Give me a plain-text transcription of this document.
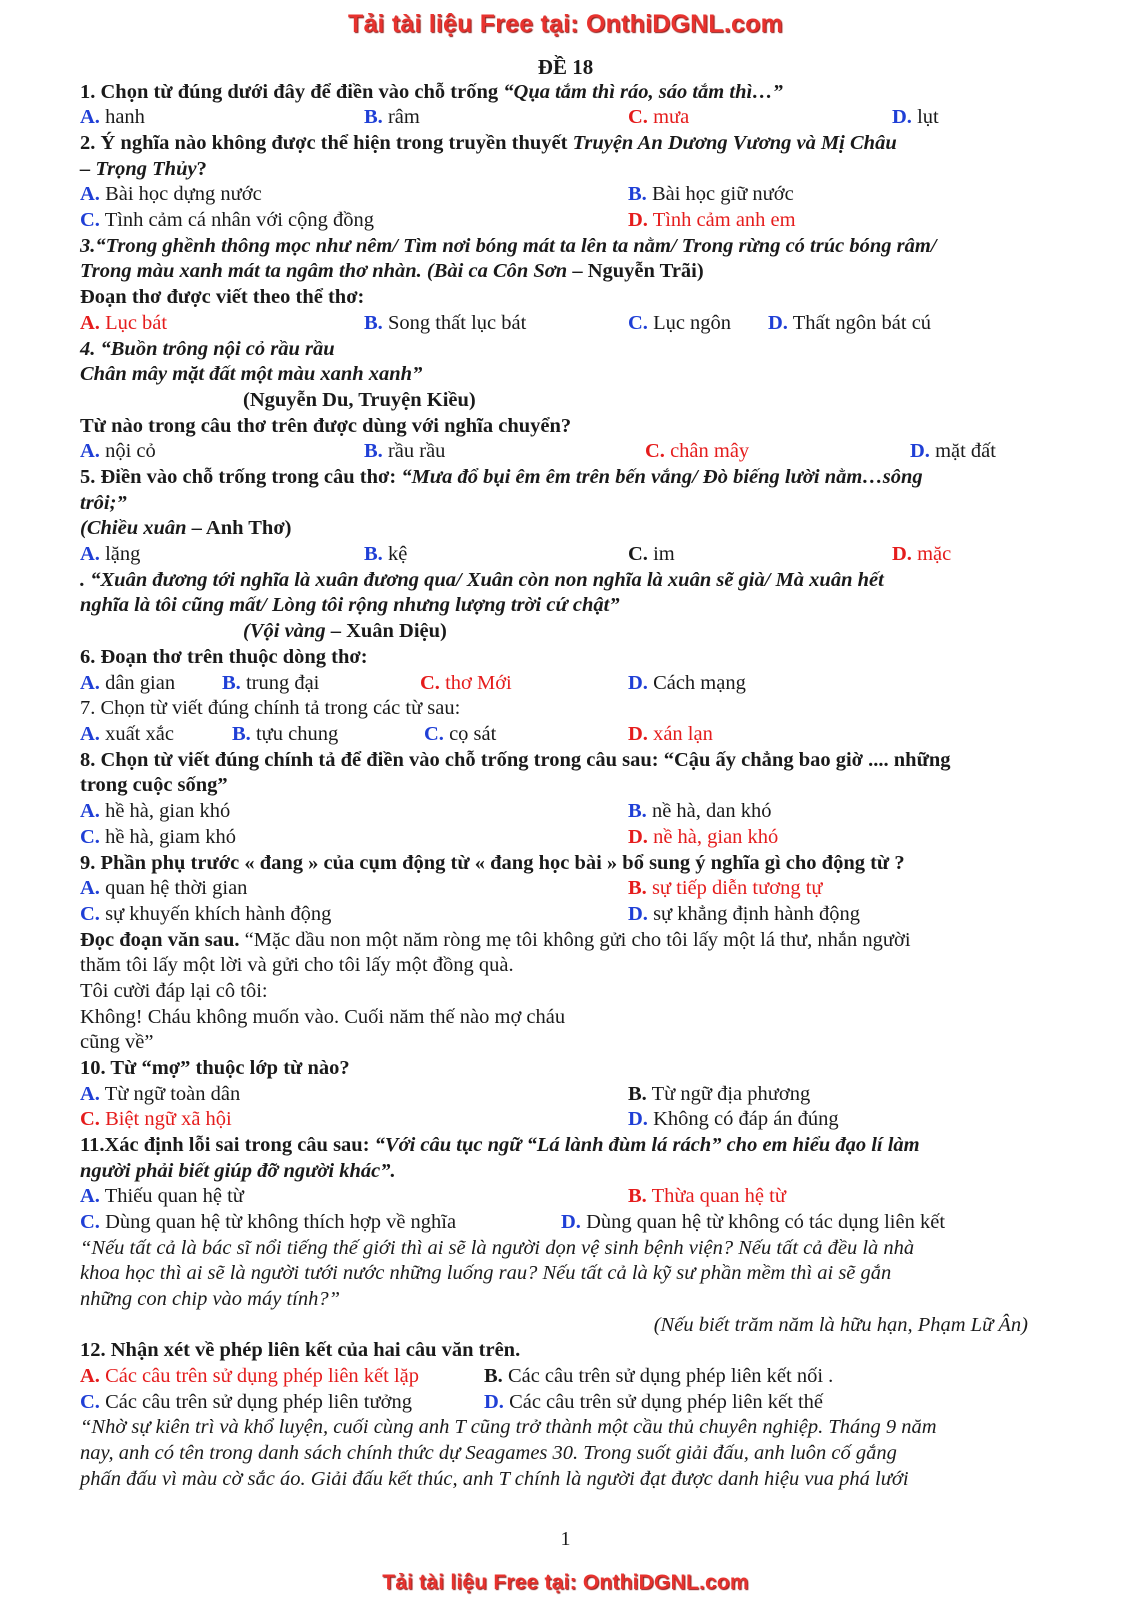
Tải tài liệu Free tại: OnthiDGNL.com
ĐỀ 18
1. Chọn từ đúng dưới đây để điền vào chỗ trống “Qụa tắm thì ráo, sáo tắm thì…”
A. hanh	B. râm	C. mưa	D. lụt
2. Ý nghĩa nào không được thể hiện trong truyền thuyết Truyện An Dương Vương và Mị Châu
– Trọng Thủy?
A. Bài học dựng nước	B. Bài học giữ nước
C. Tình cảm cá nhân với cộng đồng	D. Tình cảm anh em
3.“Trong ghềnh thông mọc như nêm/ Tìm nơi bóng mát ta lên ta nằm/ Trong rừng có trúc bóng râm/
Trong màu xanh mát ta ngâm thơ nhàn. (Bài ca Côn Sơn – Nguyễn Trãi)
Đoạn thơ được viết theo thể thơ:
A. Lục bát	B. Song thất lục bát	C. Lục ngôn D. Thất ngôn bát cú
4. “Buồn trông nội cỏ rầu rầu
Chân mây mặt đất một màu xanh xanh”
(Nguyễn Du, Truyện Kiều)
Từ nào trong câu thơ trên được dùng với nghĩa chuyển?
A. nội cỏ	B. rầu rầu	C. chân mây	D. mặt đất
5. Điền vào chỗ trống trong câu thơ: “Mưa đổ bụi êm êm trên bến vắng/ Đò biếng lười nằm…sông
trôi;”
(Chiều xuân – Anh Thơ)
A. lặng	B. kệ	C. im	D. mặc
. “Xuân đương tới nghĩa là xuân đương qua/ Xuân còn non nghĩa là xuân sẽ già/ Mà xuân hết
nghĩa là tôi cũng mất/ Lòng tôi rộng nhưng lượng trời cứ chật”
(Vội vàng – Xuân Diệu)
6. Đoạn thơ trên thuộc dòng thơ:
A. dân gian B. trung đại	C. thơ Mới	D. Cách mạng
7. Chọn từ viết đúng chính tả trong các từ sau:
A. xuất xắc	B. tựu chung	C. cọ sát	D. xán lạn
8. Chọn từ viết đúng chính tả để điền vào chỗ trống trong câu sau: “Cậu ấy chẳng bao giờ .... những
trong cuộc sống”
A. hề hà, gian khó	B. nề hà, dan khó
C. hề hà, giam khó	D. nề hà, gian khó
9. Phần phụ trước « đang » của cụm động từ « đang học bài » bổ sung ý nghĩa gì cho động từ ?
A. quan hệ thời gian	B. sự tiếp diễn tương tự
C. sự khuyến khích hành động	D. sự khẳng định hành động
Đọc đoạn văn sau. “Mặc dầu non một năm ròng mẹ tôi không gửi cho tôi lấy một lá thư, nhắn người
thăm tôi lấy một lời và gửi cho tôi lấy một đồng quà.
Tôi cười đáp lại cô tôi:
Không! Cháu không muốn vào. Cuối năm thế nào mợ cháu
cũng về”
10. Từ “mợ” thuộc lớp từ nào?
A. Từ ngữ toàn dân	B. Từ ngữ địa phương
C. Biệt ngữ xã hội	D. Không có đáp án đúng
11.Xác định lỗi sai trong câu sau: “Với câu tục ngữ “Lá lành đùm lá rách” cho em hiểu đạo lí làm
người phải biết giúp đỡ người khác”.
A. Thiếu quan hệ từ	B. Thừa quan hệ từ
C. Dùng quan hệ từ không thích hợp về nghĩa	D. Dùng quan hệ từ không có tác dụng liên kết
“Nếu tất cả là bác sĩ nổi tiếng thế giới thì ai sẽ là người dọn vệ sinh bệnh viện? Nếu tất cả đều là nhà
khoa học thì ai sẽ là người tưới nước những luống rau? Nếu tất cả là kỹ sư phần mềm thì ai sẽ gắn
những con chip vào máy tính?”
(Nếu biết trăm năm là hữu hạn, Phạm Lữ Ân)
12. Nhận xét về phép liên kết của hai câu văn trên.
A. Các câu trên sử dụng phép liên kết lặp	B. Các câu trên sử dụng phép liên kết nối .
C. Các câu trên sử dụng phép liên tưởng	D. Các câu trên sử dụng phép liên kết thế
“Nhờ sự kiên trì và khổ luyện, cuối cùng anh T cũng trở thành một cầu thủ chuyên nghiệp. Tháng 9 năm
nay, anh có tên trong danh sách chính thức dự Seagames 30. Trong suốt giải đấu, anh luôn cố gắng
phấn đấu vì màu cờ sắc áo. Giải đấu kết thúc, anh T chính là người đạt được danh hiệu vua phá lưới
1
Tải tài liệu Free tại: OnthiDGNL.com
